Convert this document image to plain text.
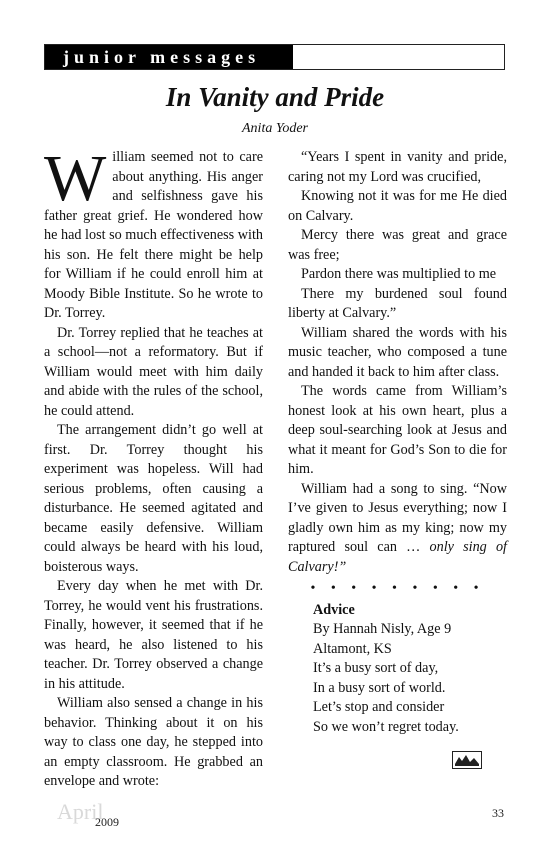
junior messages
In Vanity and Pride
Anita Yoder

William seemed not to care about anything. His anger and selfishness gave his father great grief. He wondered how he had lost so much effectiveness with his son. He felt there might be help for William if he could enroll him at Moody Bible Institute. So he wrote to Dr. Torrey.

Dr. Torrey replied that he teaches at a school—not a reformatory. But if William would meet with him daily and abide with the rules of the school, he could attend.

The arrangement didn’t go well at first. Dr. Torrey thought his experiment was hopeless. Will had serious problems, often causing a disturbance. He seemed agitated and became easily defensive. William could always be heard with his loud, boisterous ways.

Every day when he met with Dr. Torrey, he would vent his frustrations. Finally, however, it seemed that if he was heard, he also listened to his teacher. Dr. Torrey observed a change in his attitude.

William also sensed a change in his behavior. Thinking about it on his way to class one day, he stepped into an empty classroom. He grabbed an envelope and wrote:

“Years I spent in vanity and pride, caring not my Lord was crucified,

Knowing not it was for me He died on Calvary.

Mercy there was great and grace was free;

Pardon there was multiplied to me

There my burdened soul found liberty at Calvary.”

William shared the words with his music teacher, who composed a tune and handed it back to him after class.

The words came from William’s honest look at his own heart, plus a deep soul-searching look at Jesus and what it meant for God’s Son to die for him.

William had a song to sing. “Now I’ve given to Jesus everything; now I gladly own him as my king; now my raptured soul can … only sing of Calvary!”

• • • • • • • • •

Advice

By Hannah Nisly, Age 9

Altamont, KS

It’s a busy sort of day,

In a busy sort of world.

Let’s stop and consider

So we won’t regret today.

April
2009
33
